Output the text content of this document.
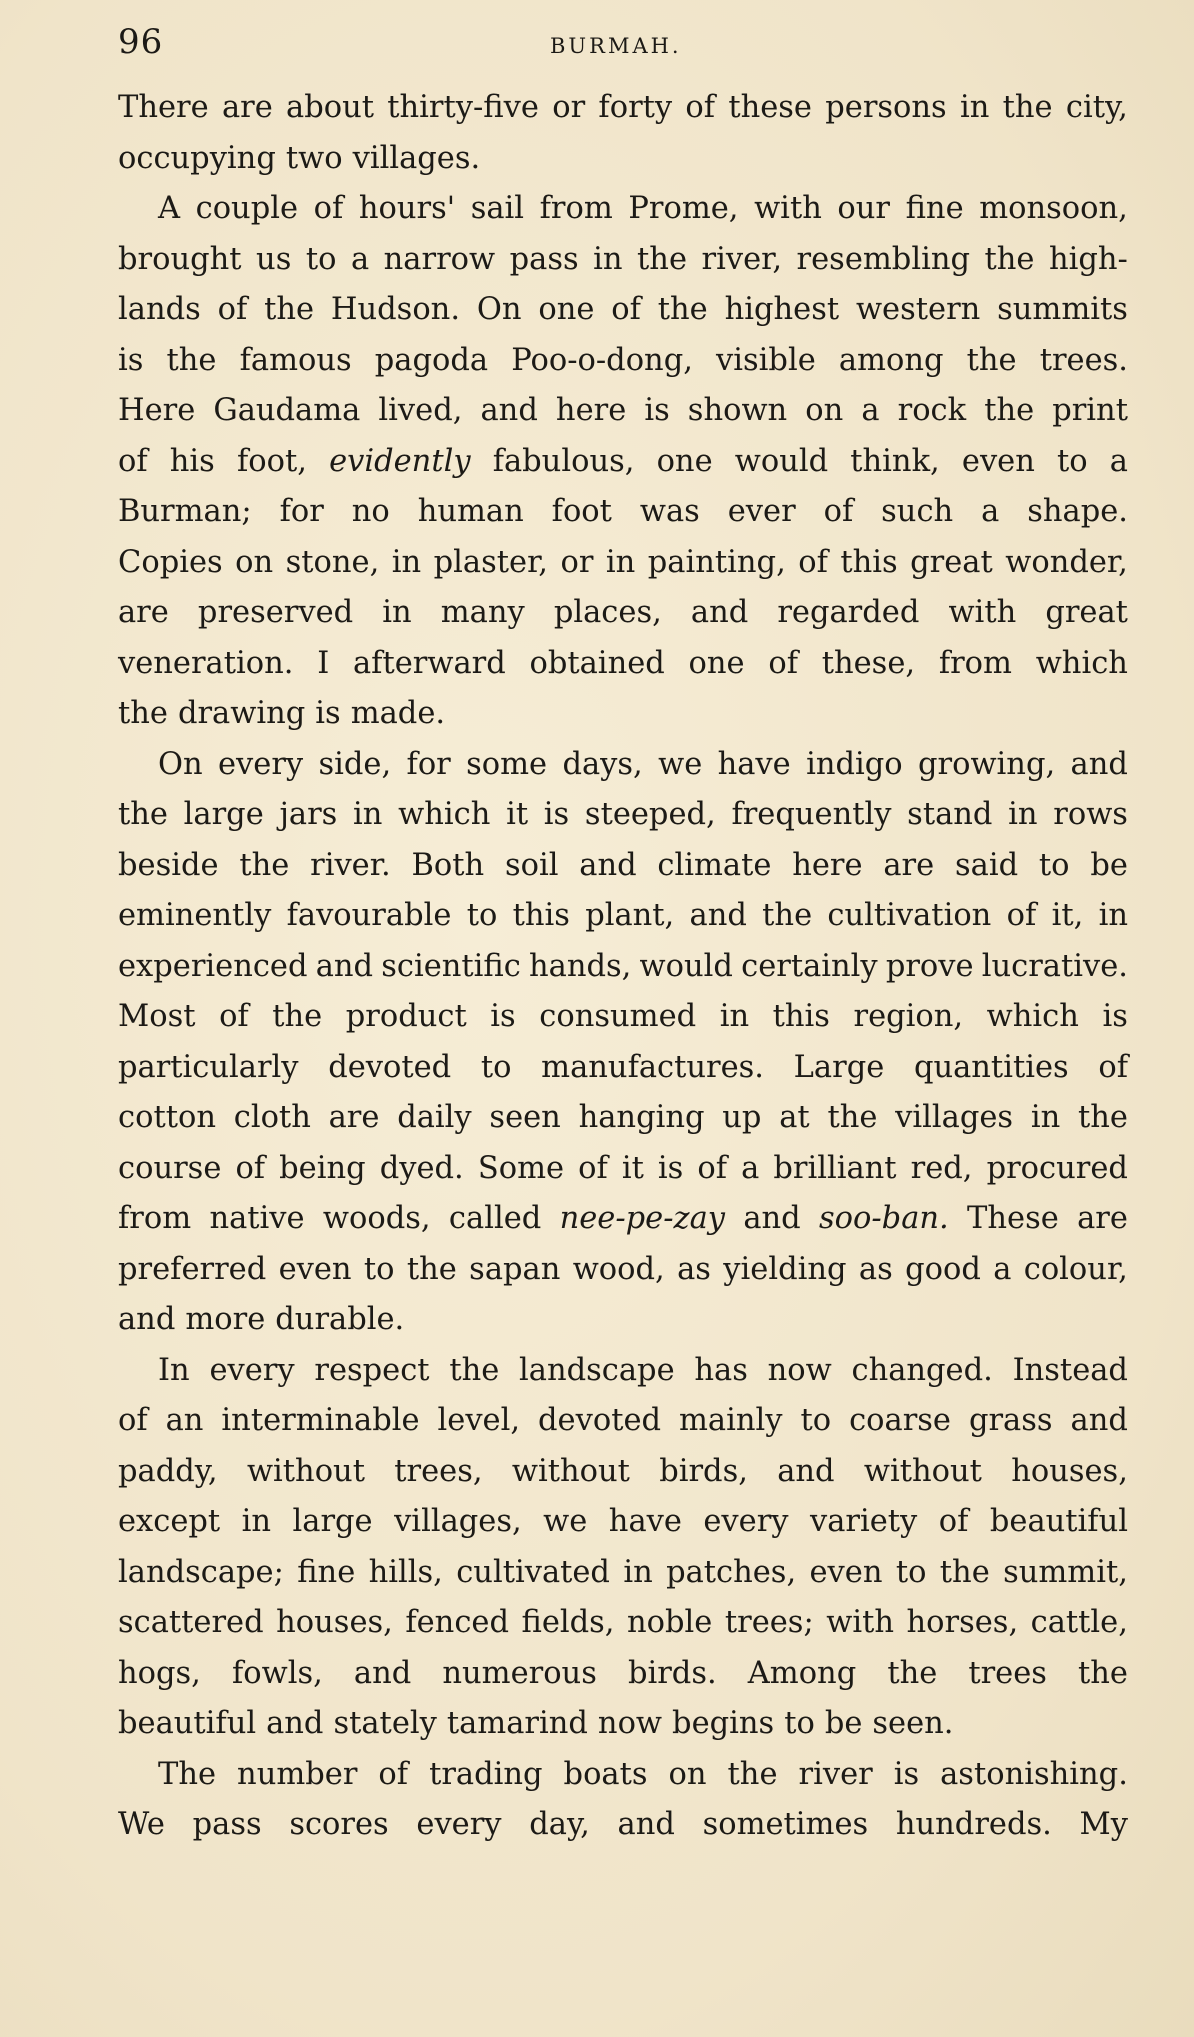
96	BURMAH.
There are about thirty-five or forty of these persons in the city,
occupying two villages.
A couple of hours' sail from Prome, with our fine monsoon,
brought us to a narrow pass in the river, resembling the high-
lands of the Hudson. On one of the highest western summits
is the famous pagoda Poo-o-dong, visible among the trees.
Here Gaudama lived, and here is shown on a rock the print
of his foot, evidently fabulous, one would think, even to a
Burman; for no human foot was ever of such a shape.
Copies on stone, in plaster, or in painting, of this great wonder,
are preserved in many places, and regarded with great
veneration. I afterward obtained one of these, from which
the drawing is made.
On every side, for some days, we have indigo growing, and
the large jars in which it is steeped, frequently stand in rows
beside the river. Both soil and climate here are said to be
eminently favourable to this plant, and the cultivation of it, in
experienced and scientific hands, would certainly prove lucrative.
Most of the product is consumed in this region, which is
particularly devoted to manufactures. Large quantities of
cotton cloth are daily seen hanging up at the villages in the
course of being dyed. Some of it is of a brilliant red, procured
from native woods, called nee-pe-zay and soo-ban. These are
preferred even to the sapan wood, as yielding as good a colour,
and more durable.
In every respect the landscape has now changed. Instead
of an interminable level, devoted mainly to coarse grass and
paddy, without trees, without birds, and without houses,
except in large villages, we have every variety of beautiful
landscape; fine hills, cultivated in patches, even to the summit,
scattered houses, fenced fields, noble trees; with horses, cattle,
hogs, fowls, and numerous birds. Among the trees the
beautiful and stately tamarind now begins to be seen.
The number of trading boats on the river is astonishing.
We pass scores every day, and sometimes hundreds. My
